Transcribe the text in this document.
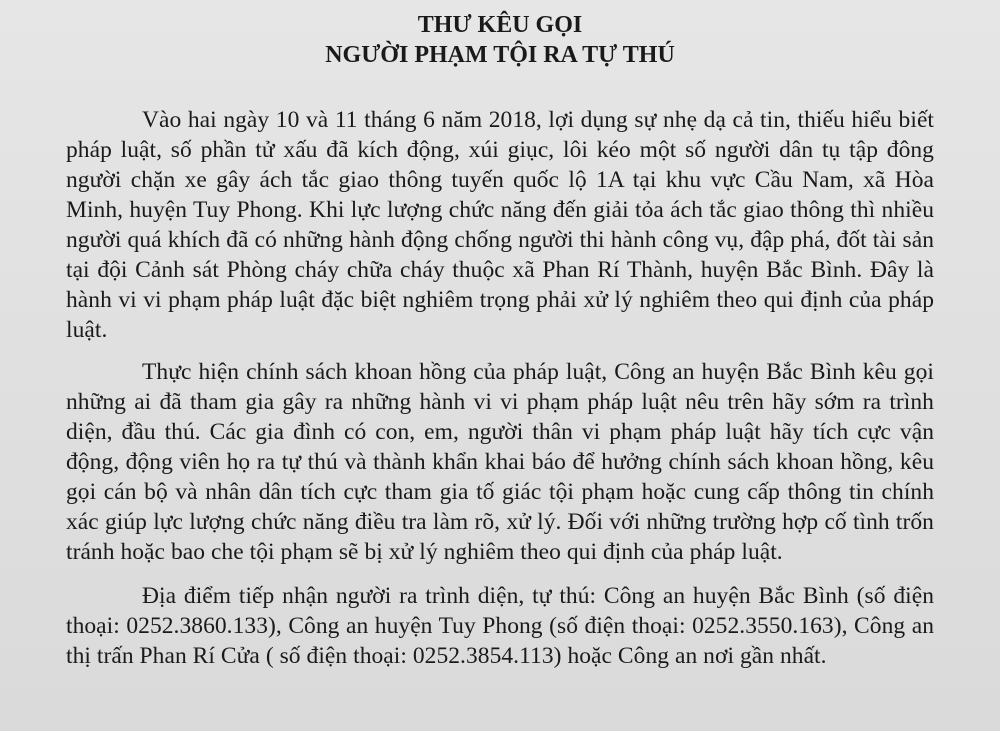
THƯ KÊU GỌI

NGƯỜI PHẠM TỘI RA TỰ THÚ

Vào hai ngày 10 và 11 tháng 6 năm 2018, lợi dụng sự nhẹ dạ cả tin, thiếu hiểu biết pháp luật, số phần tử xấu đã kích động, xúi giục, lôi kéo một số người dân tụ tập đông người chặn xe gây ách tắc giao thông tuyến quốc lộ 1A tại khu vực Cầu Nam, xã Hòa Minh, huyện Tuy Phong. Khi lực lượng chức năng đến giải tỏa ách tắc giao thông thì nhiều người quá khích đã có những hành động chống người thi hành công vụ, đập phá, đốt tài sản tại đội Cảnh sát Phòng cháy chữa cháy thuộc xã Phan Rí Thành, huyện Bắc Bình. Đây là hành vi vi phạm pháp luật đặc biệt nghiêm trọng phải xử lý nghiêm theo qui định của pháp luật.

Thực hiện chính sách khoan hồng của pháp luật, Công an huyện Bắc Bình kêu gọi những ai đã tham gia gây ra những hành vi vi phạm pháp luật nêu trên hãy sớm ra trình diện, đầu thú. Các gia đình có con, em, người thân vi phạm pháp luật hãy tích cực vận động, động viên họ ra tự thú và thành khẩn khai báo để hưởng chính sách khoan hồng, kêu gọi cán bộ và nhân dân tích cực tham gia tố giác tội phạm hoặc cung cấp thông tin chính xác giúp lực lượng chức năng điều tra làm rõ, xử lý. Đối với những trường hợp cố tình trốn tránh hoặc bao che tội phạm sẽ bị xử lý nghiêm theo qui định của pháp luật.

Địa điểm tiếp nhận người ra trình diện, tự thú: Công an huyện Bắc Bình (số điện thoại: 0252.3860.133), Công an huyện Tuy Phong (số điện thoại: 0252.3550.163), Công an thị trấn Phan Rí Cửa ( số điện thoại: 0252.3854.113) hoặc Công an nơi gần nhất.
